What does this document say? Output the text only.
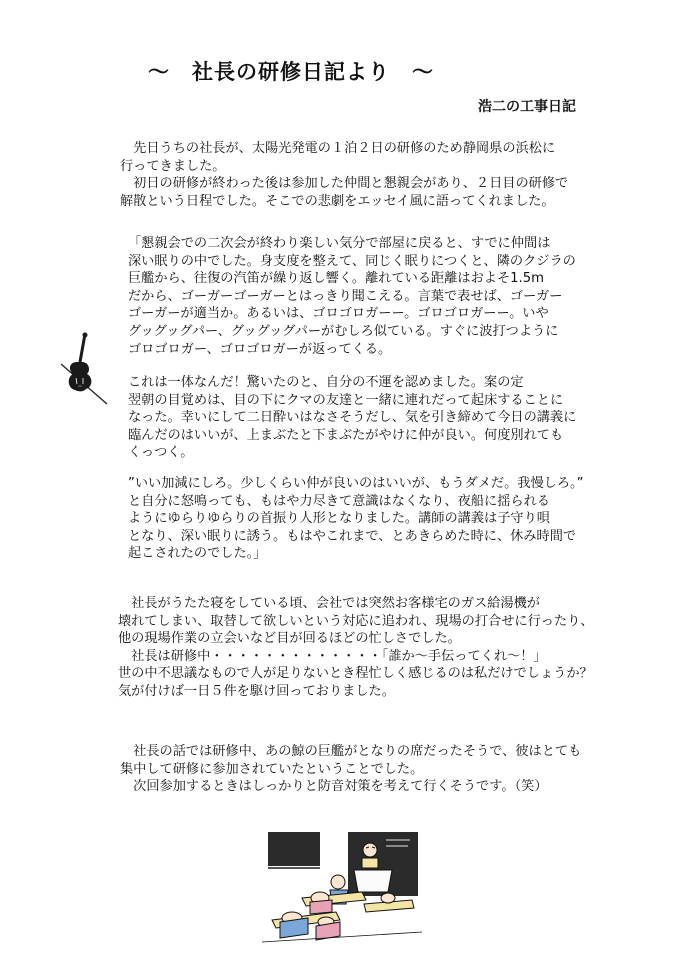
～　社長の研修日記より　～
浩二の工事日記
　先日うちの社長が、太陽光発電の１泊２日の研修のため静岡県の浜松に
行ってきました。
　初日の研修が終わった後は参加した仲間と懇親会があり、２日目の研修で
解散という日程でした。そこでの悲劇をエッセイ風に語ってくれました。
「懇親会での二次会が終わり楽しい気分で部屋に戻ると、すでに仲間は
深い眠りの中でした。身支度を整えて、同じく眠りにつくと、隣のクジラの
巨艦から、往復の汽笛が繰り返し響く。離れている距離はおよそ1.5m
だから、ゴーガーゴーガーとはっきり聞こえる。言葉で表せば、ゴーガー
ゴーガーが適当か。あるいは、ゴロゴロガーー。ゴロゴロガーー。いや
グッグッグパー、グッグッグパーがむしろ似ている。すぐに波打つように
ゴロゴロガー、ゴロゴロガーが返ってくる。
これは一体なんだ！驚いたのと、自分の不運を認めました。案の定
翌朝の目覚めは、目の下にクマの友達と一緒に連れだって起床することに
なった。幸いにして二日酔いはなさそうだし、気を引き締めて今日の講義に
臨んだのはいいが、上まぶたと下まぶたがやけに仲が良い。何度別れても
くっつく。
”いい加減にしろ。少しくらい仲が良いのはいいが、もうダメだ。我慢しろ。”
と自分に怒鳴っても、もはや力尽きて意識はなくなり、夜船に揺られる
ようにゆらりゆらりの首振り人形となりました。講師の講義は子守り唄
となり、深い眠りに誘う。もはやこれまで、とあきらめた時に、休み時間で
起こされたのでした。」
　社長がうたた寝をしている頃、会社では突然お客様宅のガス給湯機が
壊れてしまい、取替して欲しいという対応に追われ、現場の打合せに行ったり、
他の現場作業の立会いなど目が回るほどの忙しさでした。
　社長は研修中・・・・・・・・・・・・・「誰か～手伝ってくれ～！」
世の中不思議なもので人が足りないとき程忙しく感じるのは私だけでしょうか？
気が付けば一日５件を駆け回っておりました。
　社長の話では研修中、あの鯨の巨艦がとなりの席だったそうで、彼はとても
集中して研修に参加されていたということでした。
　次回参加するときはしっかりと防音対策を考えて行くそうです。（笑）
